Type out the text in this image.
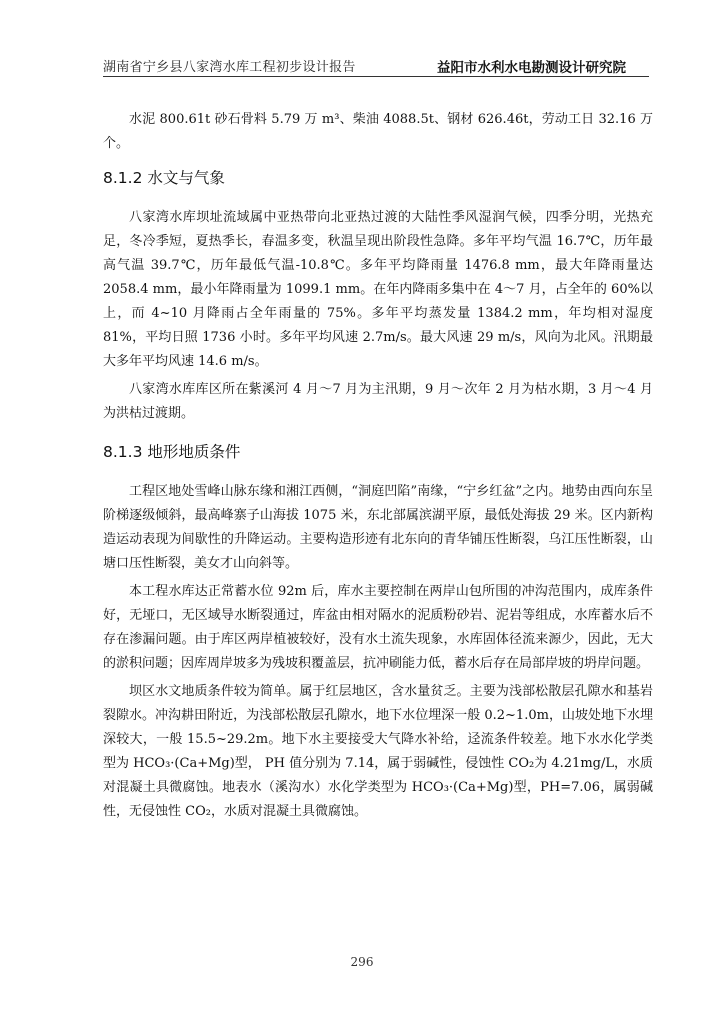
湖南省宁乡县八家湾水库工程初步设计报告	益阳市水利水电勘测设计研究院

水泥 800.61t 砂石骨料 5.79 万 m³、柴油 4088.5t、钢材 626.46t，劳动工日 32.16 万个。

8.1.2 水文与气象

八家湾水库坝址流域属中亚热带向北亚热过渡的大陆性季风湿润气候，四季分明，光热充足，冬冷季短，夏热季长，春温多变，秋温呈现出阶段性急降。多年平均气温 16.7℃，历年最高气温 39.7℃，历年最低气温-10.8℃。多年平均降雨量 1476.8 mm，最大年降雨量达 2058.4 mm，最小年降雨量为 1099.1 mm。在年内降雨多集中在 4～7 月，占全年的 60%以上，而 4~10 月降雨占全年雨量的 75%。多年平均蒸发量 1384.2 mm，年均相对湿度 81%，平均日照 1736 小时。多年平均风速 2.7m/s。最大风速 29 m/s，风向为北风。汛期最大多年平均风速 14.6 m/s。

八家湾水库库区所在紫溪河 4 月～7 月为主汛期，9 月～次年 2 月为枯水期，3 月～4 月为洪枯过渡期。

8.1.3 地形地质条件

工程区地处雪峰山脉东缘和湘江西侧，“洞庭凹陷”南缘，“宁乡红盆”之内。地势由西向东呈阶梯逐级倾斜，最高峰寨子山海拔 1075 米，东北部属滨湖平原，最低处海拔 29 米。区内新构造运动表现为间歇性的升降运动。主要构造形迹有北东向的青华铺压性断裂，乌江压性断裂，山塘口压性断裂，美女才山向斜等。

本工程水库达正常蓄水位 92m 后，库水主要控制在两岸山包所围的冲沟范围内，成库条件好，无垭口，无区域导水断裂通过，库盆由相对隔水的泥质粉砂岩、泥岩等组成，水库蓄水后不存在渗漏问题。由于库区两岸植被较好，没有水土流失现象，水库固体径流来源少，因此，无大的淤积问题；因库周岸坡多为残坡积覆盖层，抗冲刷能力低，蓄水后存在局部岸坡的坍岸问题。

坝区水文地质条件较为简单。属于红层地区，含水量贫乏。主要为浅部松散层孔隙水和基岩裂隙水。冲沟耕田附近，为浅部松散层孔隙水，地下水位埋深一般 0.2~1.0m，山坡处地下水埋深较大，一般 15.5~29.2m。地下水主要接受大气降水补给，迳流条件较差。地下水水化学类型为 HCO₃·(Ca+Mg)型， PH 值分别为 7.14，属于弱碱性，侵蚀性 CO₂为 4.21mg/L，水质对混凝土具微腐蚀。地表水（溪沟水）水化学类型为 HCO₃·(Ca+Mg)型，PH=7.06，属弱碱性，无侵蚀性 CO₂，水质对混凝土具微腐蚀。

296
